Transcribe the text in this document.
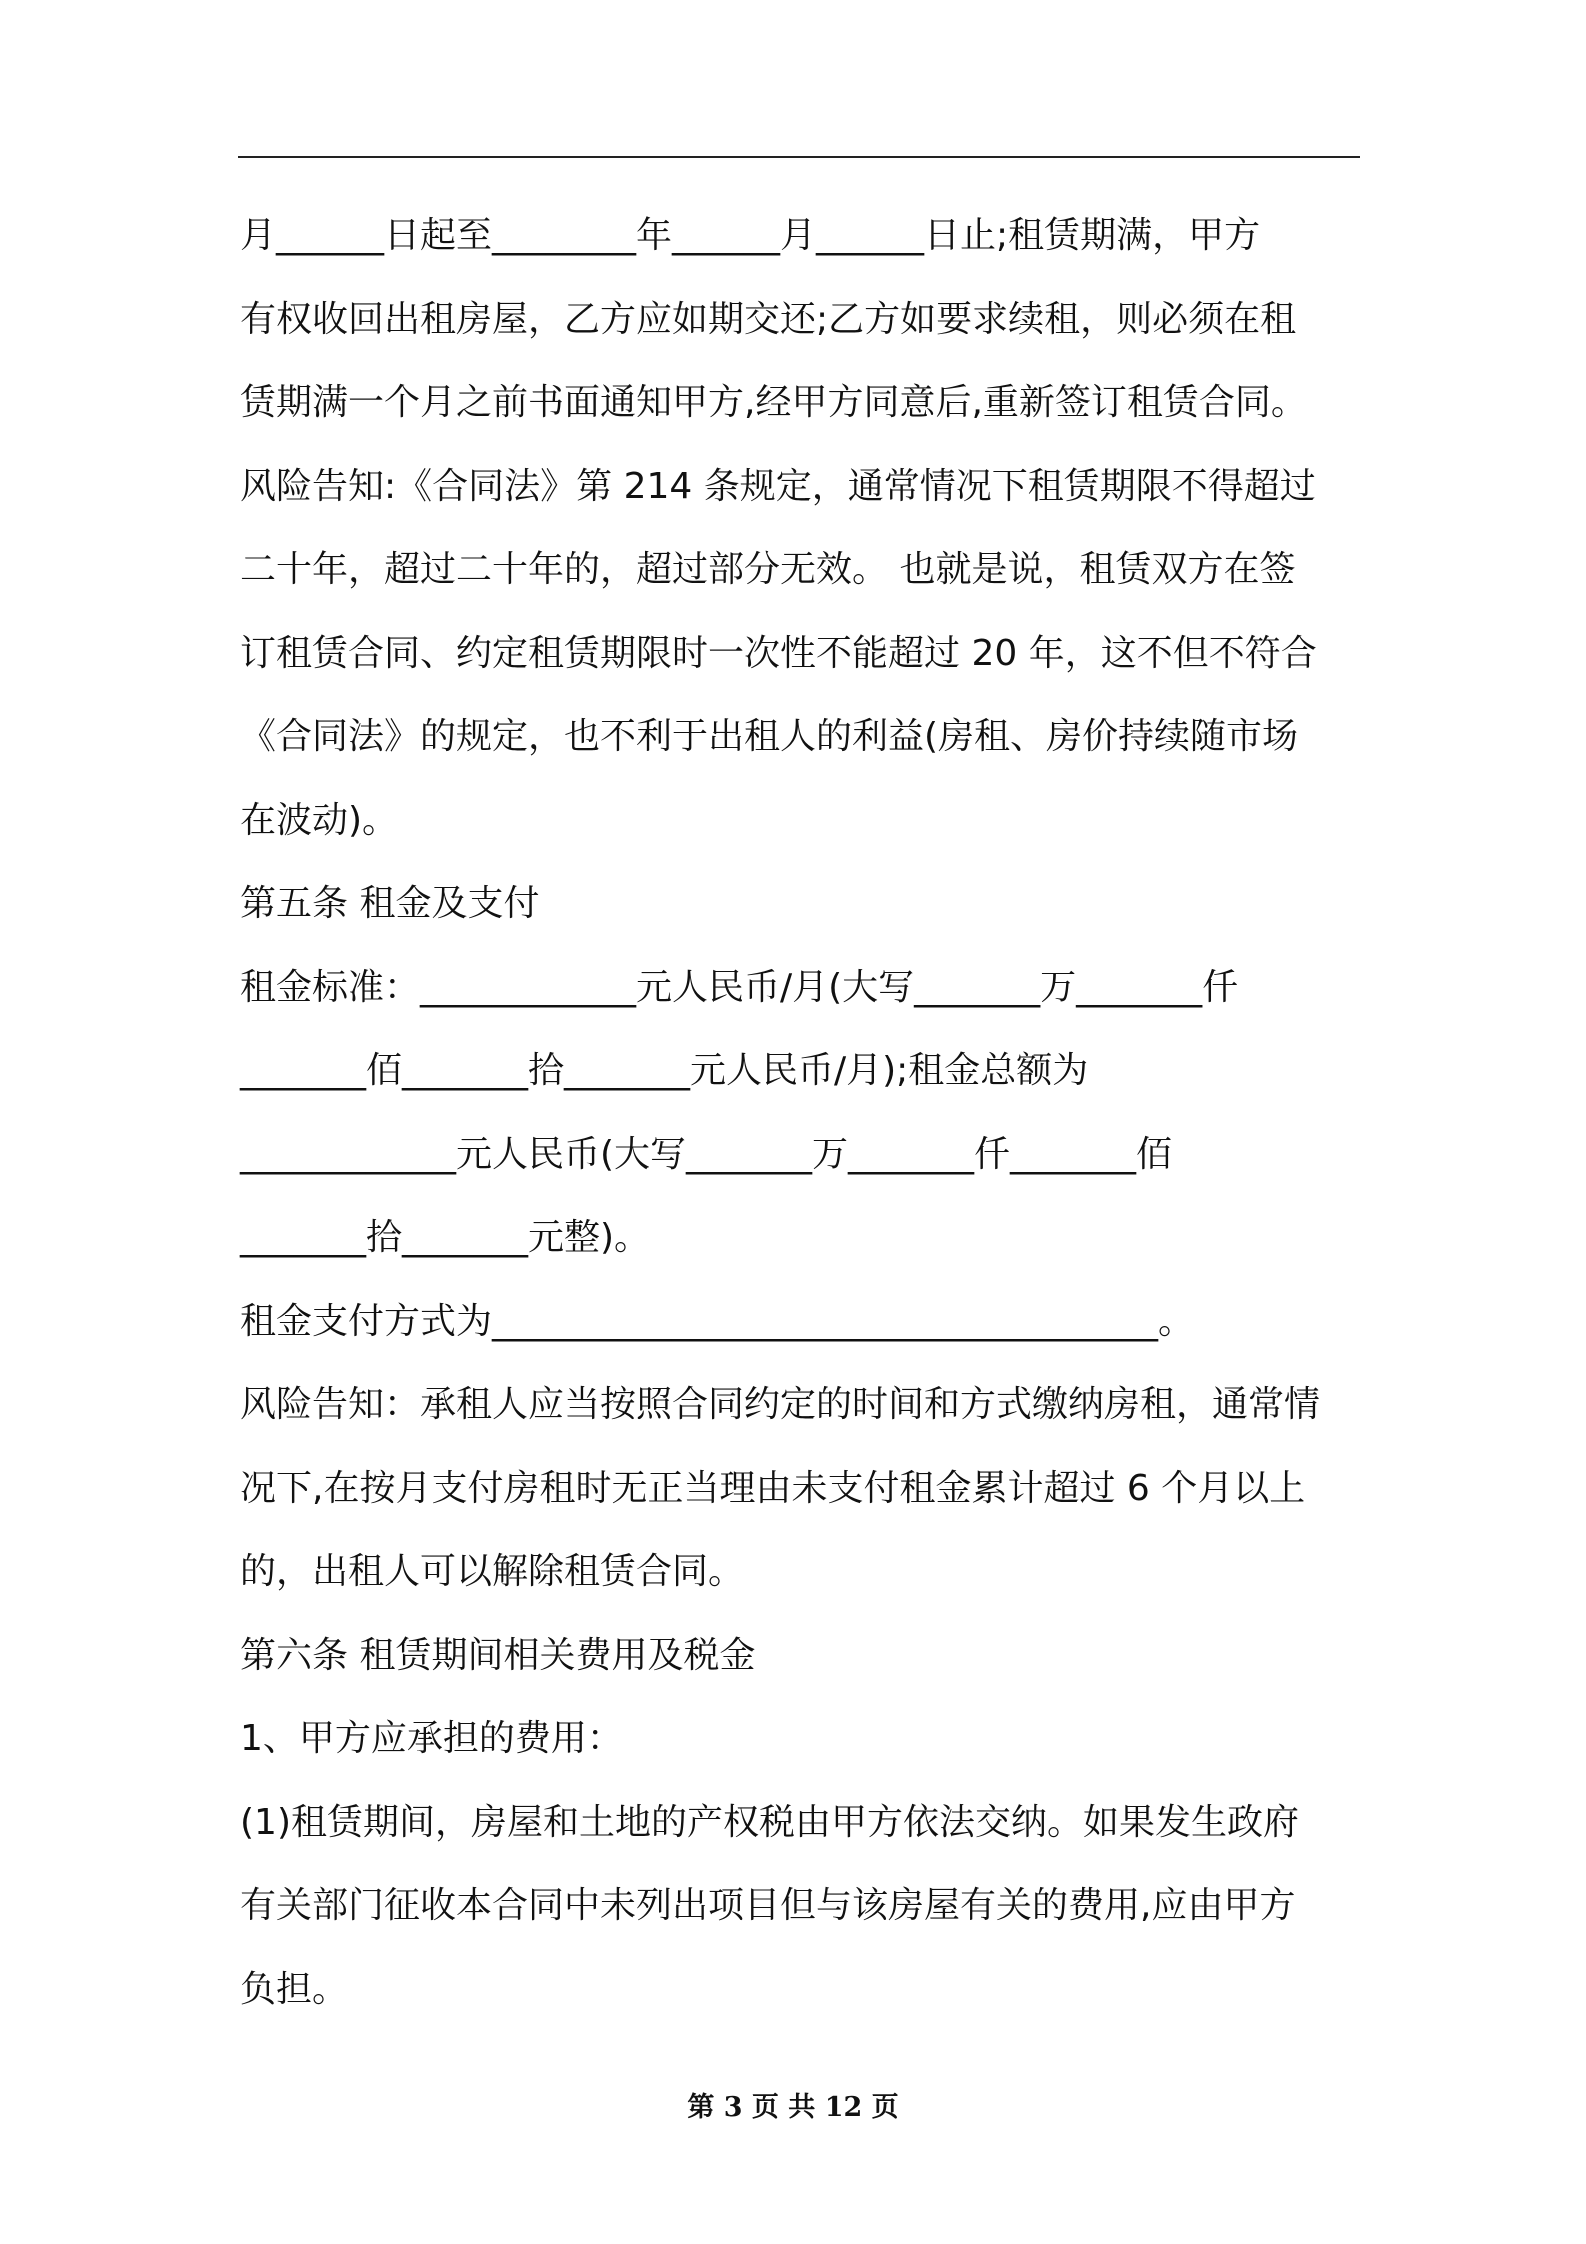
月______日起至________年______月______日止;租赁期满，甲方
有权收回出租房屋，乙方应如期交还;乙方如要求续租，则必须在租
赁期满一个月之前书面通知甲方,经甲方同意后,重新签订租赁合同。
风险告知:《合同法》第 214 条规定，通常情况下租赁期限不得超过
二十年，超过二十年的，超过部分无效。 也就是说，租赁双方在签
订租赁合同、约定租赁期限时一次性不能超过 20 年，这不但不符合
《合同法》的规定，也不利于出租人的利益(房租、房价持续随市场
在波动)。
第五条 租金及支付
租金标准：____________元人民币/月(大写_______万_______仟
_______佰_______拾_______元人民币/月);租金总额为
____________元人民币(大写_______万_______仟_______佰
_______拾_______元整)。
租金支付方式为_____________________________________。
风险告知：承租人应当按照合同约定的时间和方式缴纳房租，通常情
况下,在按月支付房租时无正当理由未支付租金累计超过 6 个月以上
的，出租人可以解除租赁合同。
第六条 租赁期间相关费用及税金
1、甲方应承担的费用：
(1)租赁期间，房屋和土地的产权税由甲方依法交纳。如果发生政府
有关部门征收本合同中未列出项目但与该房屋有关的费用,应由甲方
负担。
第 3 页 共 12 页
